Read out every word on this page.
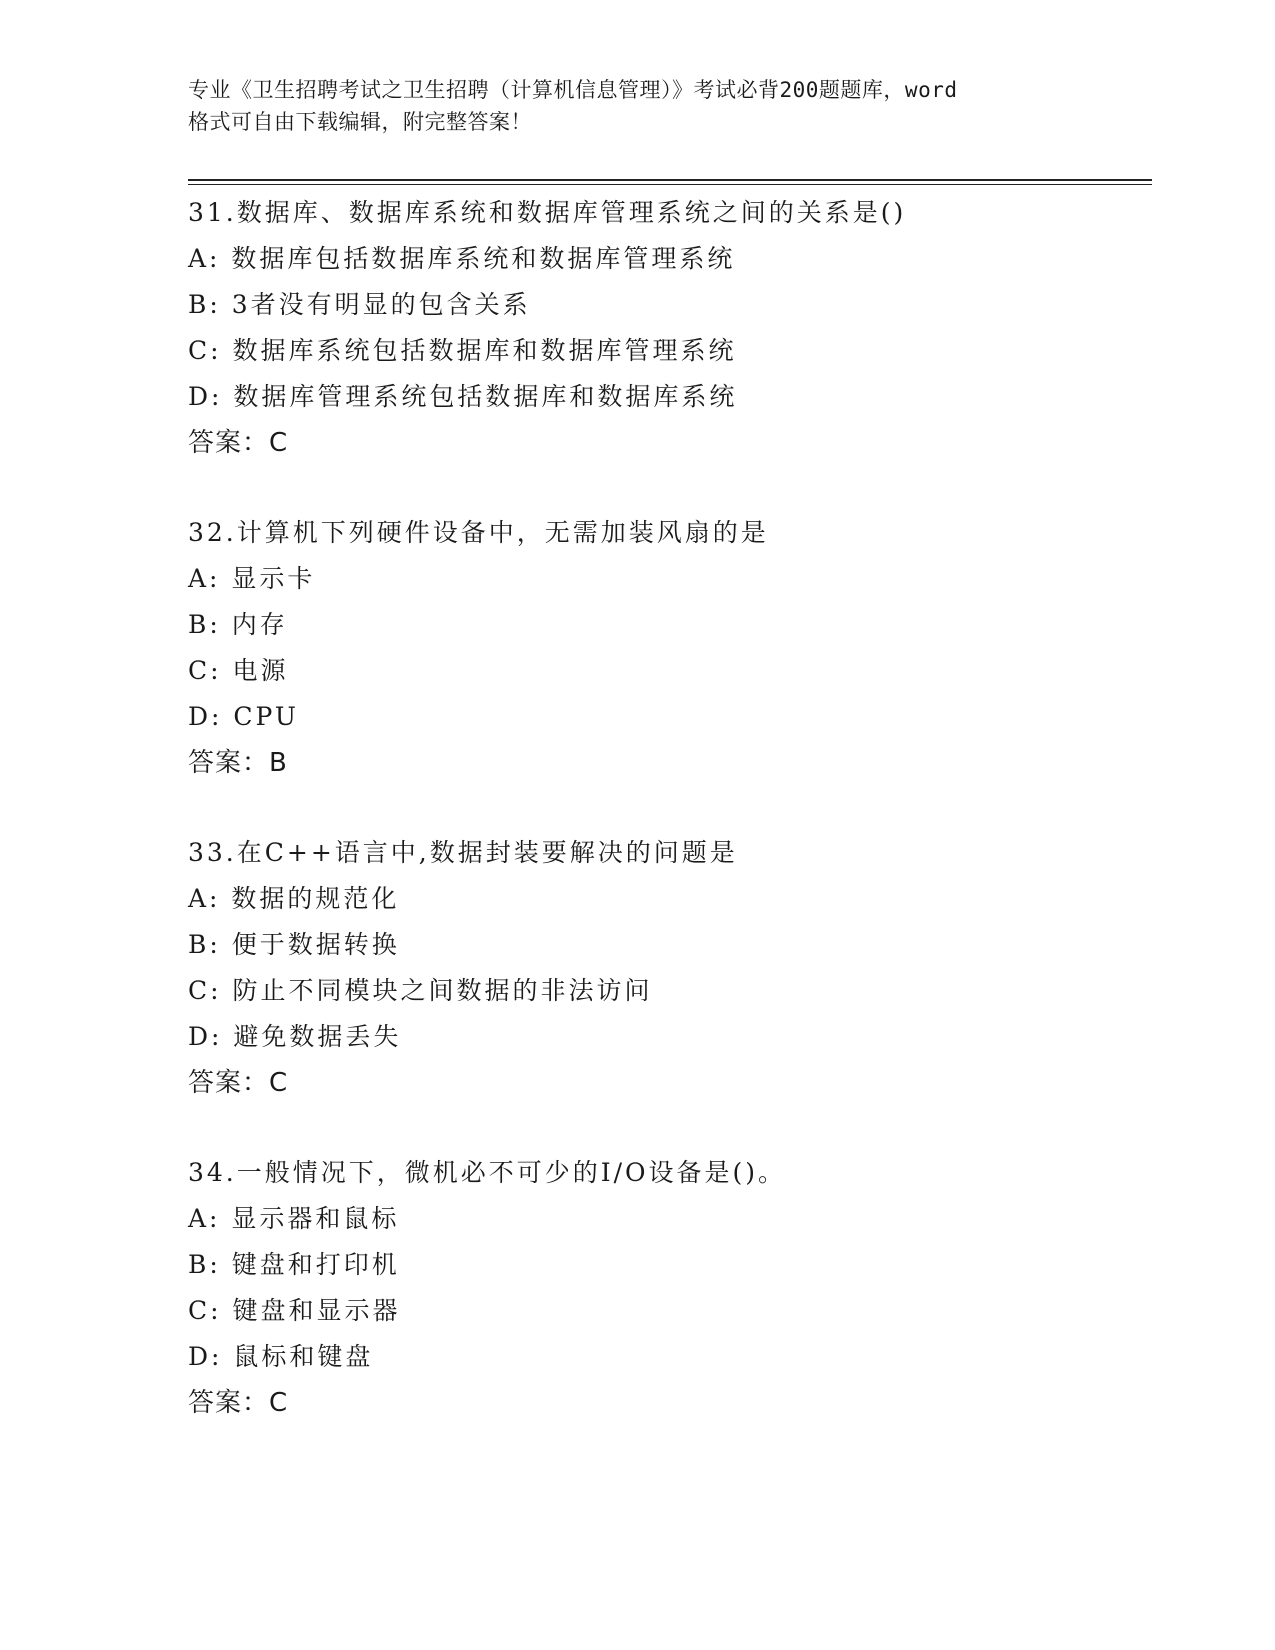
专业《卫生招聘考试之卫生招聘（计算机信息管理）》考试必背200题题库，word
格式可自由下载编辑，附完整答案！
31.数据库、数据库系统和数据库管理系统之间的关系是()
A: 数据库包括数据库系统和数据库管理系统
B: 3者没有明显的包含关系
C: 数据库系统包括数据库和数据库管理系统
D: 数据库管理系统包括数据库和数据库系统
答案：C
32.计算机下列硬件设备中，无需加装风扇的是
A: 显示卡
B: 内存
C: 电源
D: CPU
答案：B
33.在C++语言中,数据封装要解决的问题是
A: 数据的规范化
B: 便于数据转换
C: 防止不同模块之间数据的非法访问
D: 避免数据丢失
答案：C
34.一般情况下，微机必不可少的I/O设备是()。
A: 显示器和鼠标
B: 键盘和打印机
C: 键盘和显示器
D: 鼠标和键盘
答案：C
